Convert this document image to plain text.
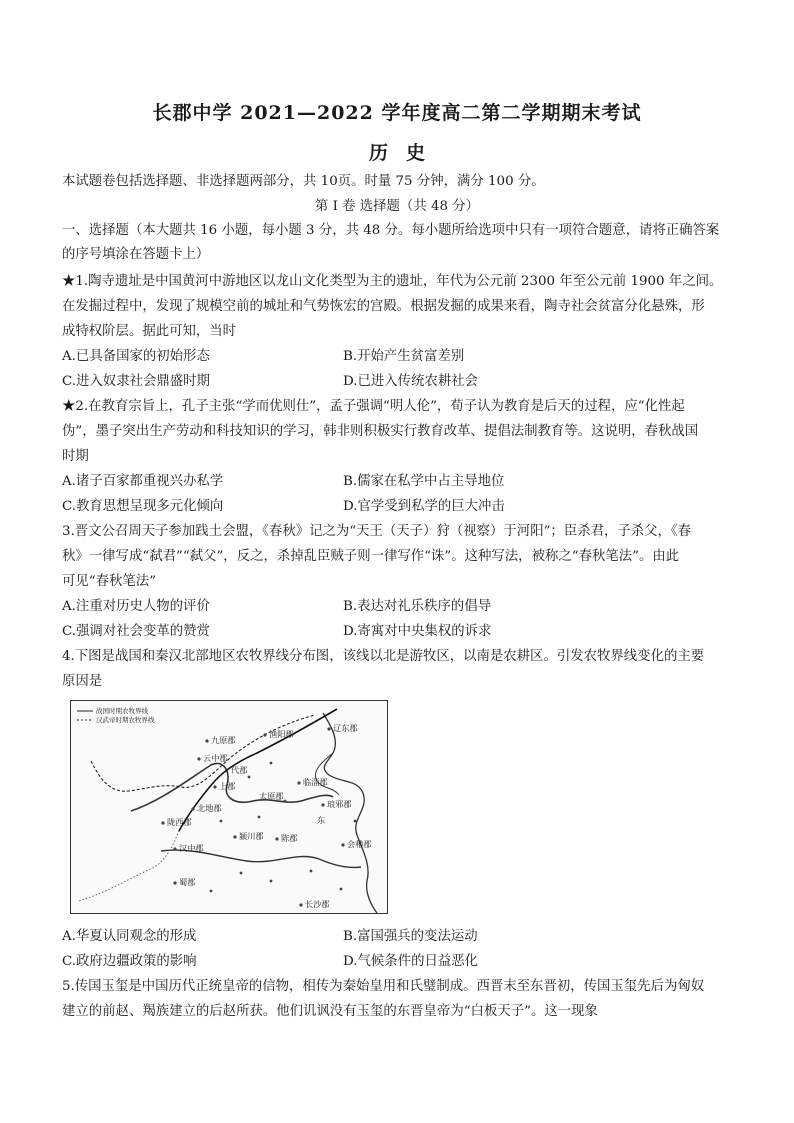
长郡中学 2021—2022 学年度高二第二学期期末考试
历史
本试题卷包括选择题、非选择题两部分，共 10页。时量 75 分钟，满分 100 分。
第 I 卷 选择题（共 48 分）
一、选择题（本大题共 16 小题，每小题 3 分，共 48 分。每小题所给选项中只有一项符合题意，请将正确答案
的序号填涂在答题卡上）
★1.陶寺遗址是中国黄河中游地区以龙山文化类型为主的遗址，年代为公元前 2300 年至公元前 1900 年之间。
在发掘过程中，发现了规模空前的城址和气势恢宏的宫殿。根据发掘的成果来看，陶寺社会贫富分化悬殊，形
成特权阶层。据此可知，当时
A.已具备国家的初始形态	B.开始产生贫富差别
C.进入奴隶社会鼎盛时期	D.已进入传统农耕社会
★2.在教育宗旨上，孔子主张“学而优则仕”，孟子强调“明人伦”，荀子认为教育是后天的过程，应“化性起
伪”，墨子突出生产劳动和科技知识的学习，韩非则积极实行教育改革、提倡法制教育等。这说明，春秋战国
时期
A.诸子百家都重视兴办私学	B.儒家在私学中占主导地位
C.教育思想呈现多元化倾向	D.官学受到私学的巨大冲击
3.晋文公召周天子参加践土会盟，《春秋》记之为“天王（天子）狩（视察）于河阳”；臣杀君，子杀父，《春
秋》一律写成“弑君”“弑父”，反之，杀掉乱臣贼子则一律写作“诛”。这种写法，被称之“春秋笔法”。由此
可见“春秋笔法”
A.注重对历史人物的评价	B.表达对礼乐秩序的倡导
C.强调对社会变革的赞赏	D.寄寓对中央集权的诉求
4.下图是战国和秦汉北部地区农牧界线分布图，该线以北是游牧区，以南是农耕区。引发农牧界线变化的主要
原因是
战国时期农牧界线
汉武帝时期农牧界线
九原郡
云中郡
渔阳郡
辽东郡
上郡
北地郡
临淄郡
陇西郡
颍川郡
琅邪郡
汉中郡
陈郡
会稽郡
蜀郡
长沙郡
东
代郡
太原郡
A.华夏认同观念的形成	B.富国强兵的变法运动
C.政府边疆政策的影响	D.气候条件的日益恶化
5.传国玉玺是中国历代正统皇帝的信物，相传为秦始皇用和氏璧制成。西晋末至东晋初，传国玉玺先后为匈奴
建立的前赵、羯族建立的后赵所获。他们讥讽没有玉玺的东晋皇帝为“白板天子”。这一现象
